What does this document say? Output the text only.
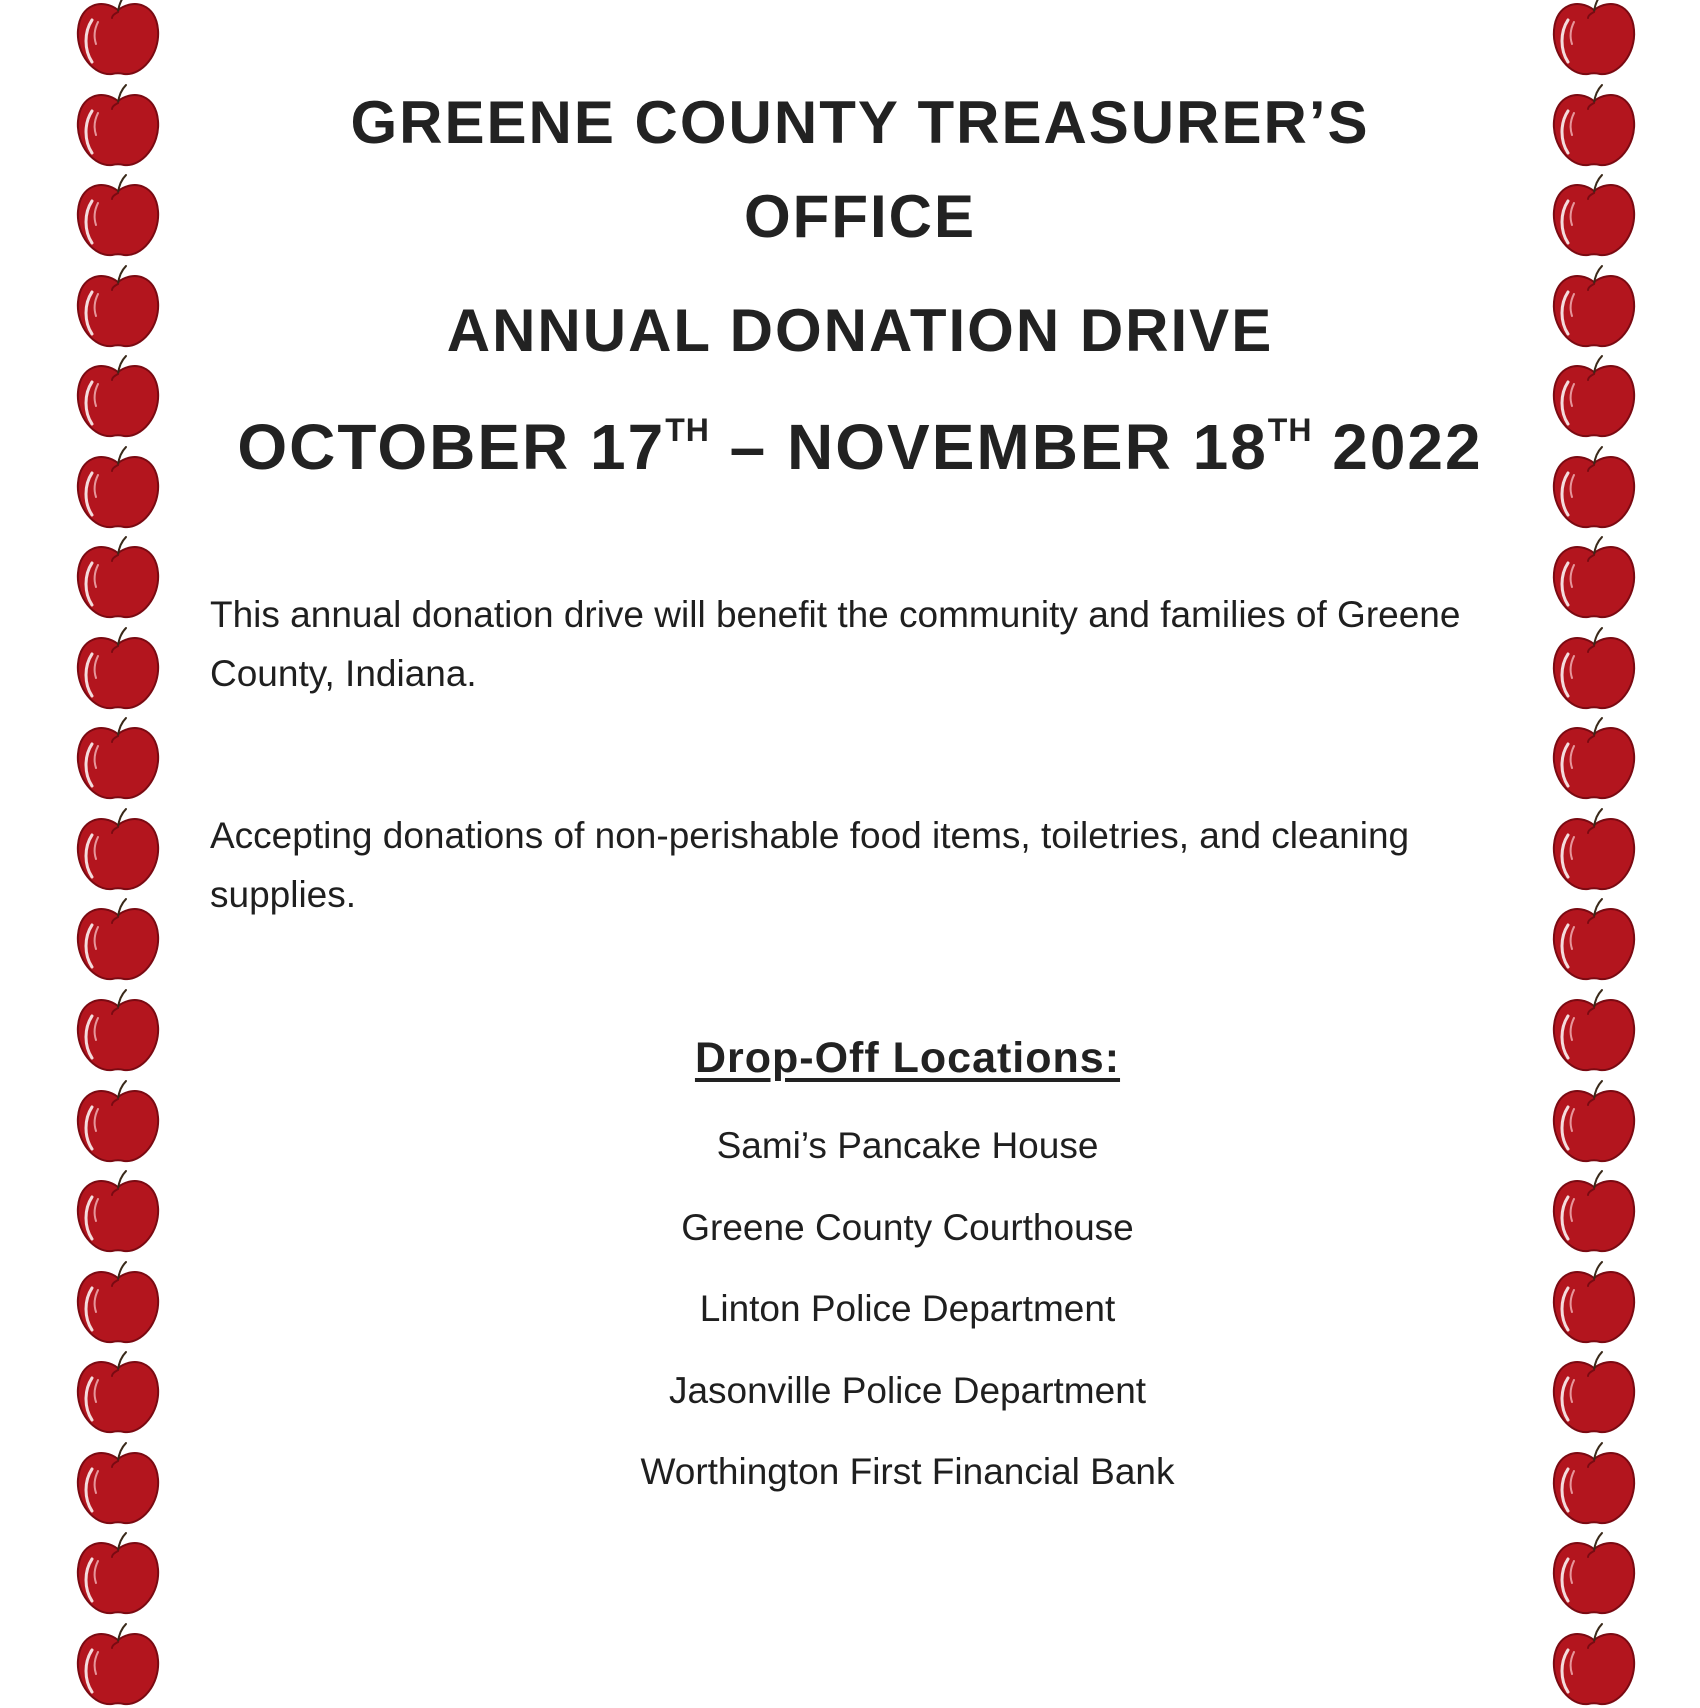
GREENE COUNTY TREASURER’S
OFFICE
ANNUAL DONATION DRIVE
OCTOBER 17TH – NOVEMBER 18TH 2022

This annual donation drive will benefit the community and families of Greene County, Indiana.

Accepting donations of non-perishable food items, toiletries, and cleaning supplies.

Drop-Off Locations:
Sami’s Pancake House
Greene County Courthouse
Linton Police Department
Jasonville Police Department
Worthington First Financial Bank
